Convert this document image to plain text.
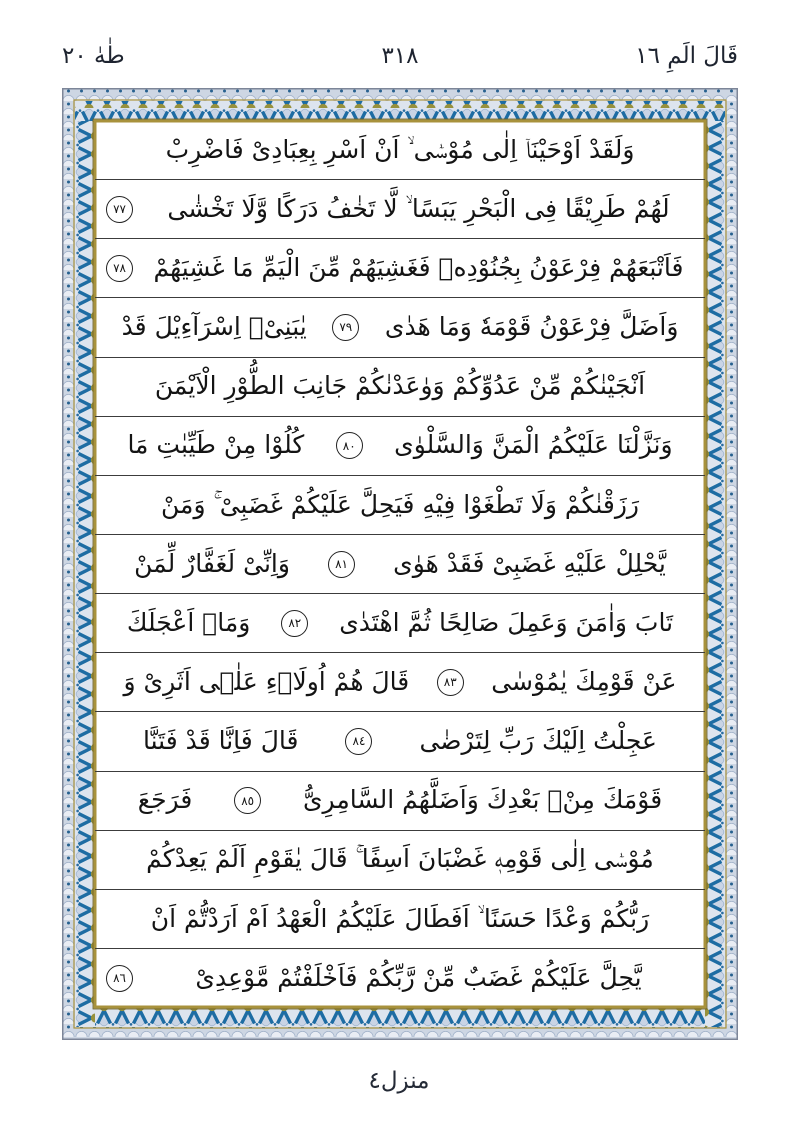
قَالَ الَمِ ١٦
٣١٨
طٰهٰ ٢٠
وَلَقَدْ اَوْحَيْنَاۤ اِلٰى مُوْسٰۤى ۙ اَنْ اَسْرِ بِعِبَادِىْ فَاضْرِبْ
لَهُمْ طَرِيْقًا فِى الْبَحْرِ يَبَسًا ۙ لَّا تَخٰفُ دَرَكًا وَّلَا تَخْشٰى
٧٧
فَاَتْبَعَهُمْ فِرْعَوْنُ بِجُنُوْدِهٖ فَغَشِيَهُمْ مِّنَ الْيَمِّ مَا غَشِيَهُمْ
٧٨
وَاَضَلَّ فِرْعَوْنُ قَوْمَهٗ وَمَا هَدٰى
٧٩
يٰبَنِىْۤ اِسْرَآءِيْلَ قَدْ
اَنْجَيْنٰكُمْ مِّنْ عَدُوِّكُمْ وَوٰعَدْنٰكُمْ جَانِبَ الطُّوْرِ الْاَيْمَنَ
وَنَزَّلْنَا عَلَيْكُمُ الْمَنَّ وَالسَّلْوٰى
٨٠
كُلُوْا مِنْ طَيِّبٰتِ مَا
رَزَقْنٰكُمْ وَلَا تَطْغَوْا فِيْهِ فَيَحِلَّ عَلَيْكُمْ غَضَبِىْ ۚ وَمَنْ
يَّحْلِلْ عَلَيْهِ غَضَبِىْ فَقَدْ هَوٰى
٨١
وَاِنِّىْ لَغَفَّارٌ لِّمَنْ
تَابَ وَاٰمَنَ وَعَمِلَ صَالِحًا ثُمَّ اهْتَدٰى
٨٢
وَمَاۤ اَعْجَلَكَ
عَنْ قَوْمِكَ يٰمُوْسٰى
٨٣
قَالَ هُمْ اُولَاۤءِ عَلٰۤى اَثَرِىْ وَ
عَجِلْتُ اِلَيْكَ رَبِّ لِتَرْضٰى
٨٤
قَالَ فَاِنَّا قَدْ فَتَنَّا
قَوْمَكَ مِنْۢ بَعْدِكَ وَاَضَلَّهُمُ السَّامِرِىُّ
٨٥
فَرَجَعَ
مُوْسٰۤى اِلٰى قَوْمِهٖ غَضْبَانَ اَسِفًا ۚ قَالَ يٰقَوْمِ اَلَمْ يَعِدْكُمْ
رَبُّكُمْ وَعْدًا حَسَنًا ۙ اَفَطَالَ عَلَيْكُمُ الْعَهْدُ اَمْ اَرَدْتُّمْ اَنْ
يَّحِلَّ عَلَيْكُمْ غَضَبٌ مِّنْ رَّبِّكُمْ فَاَخْلَفْتُمْ مَّوْعِدِىْ
٨٦
منزل٤
